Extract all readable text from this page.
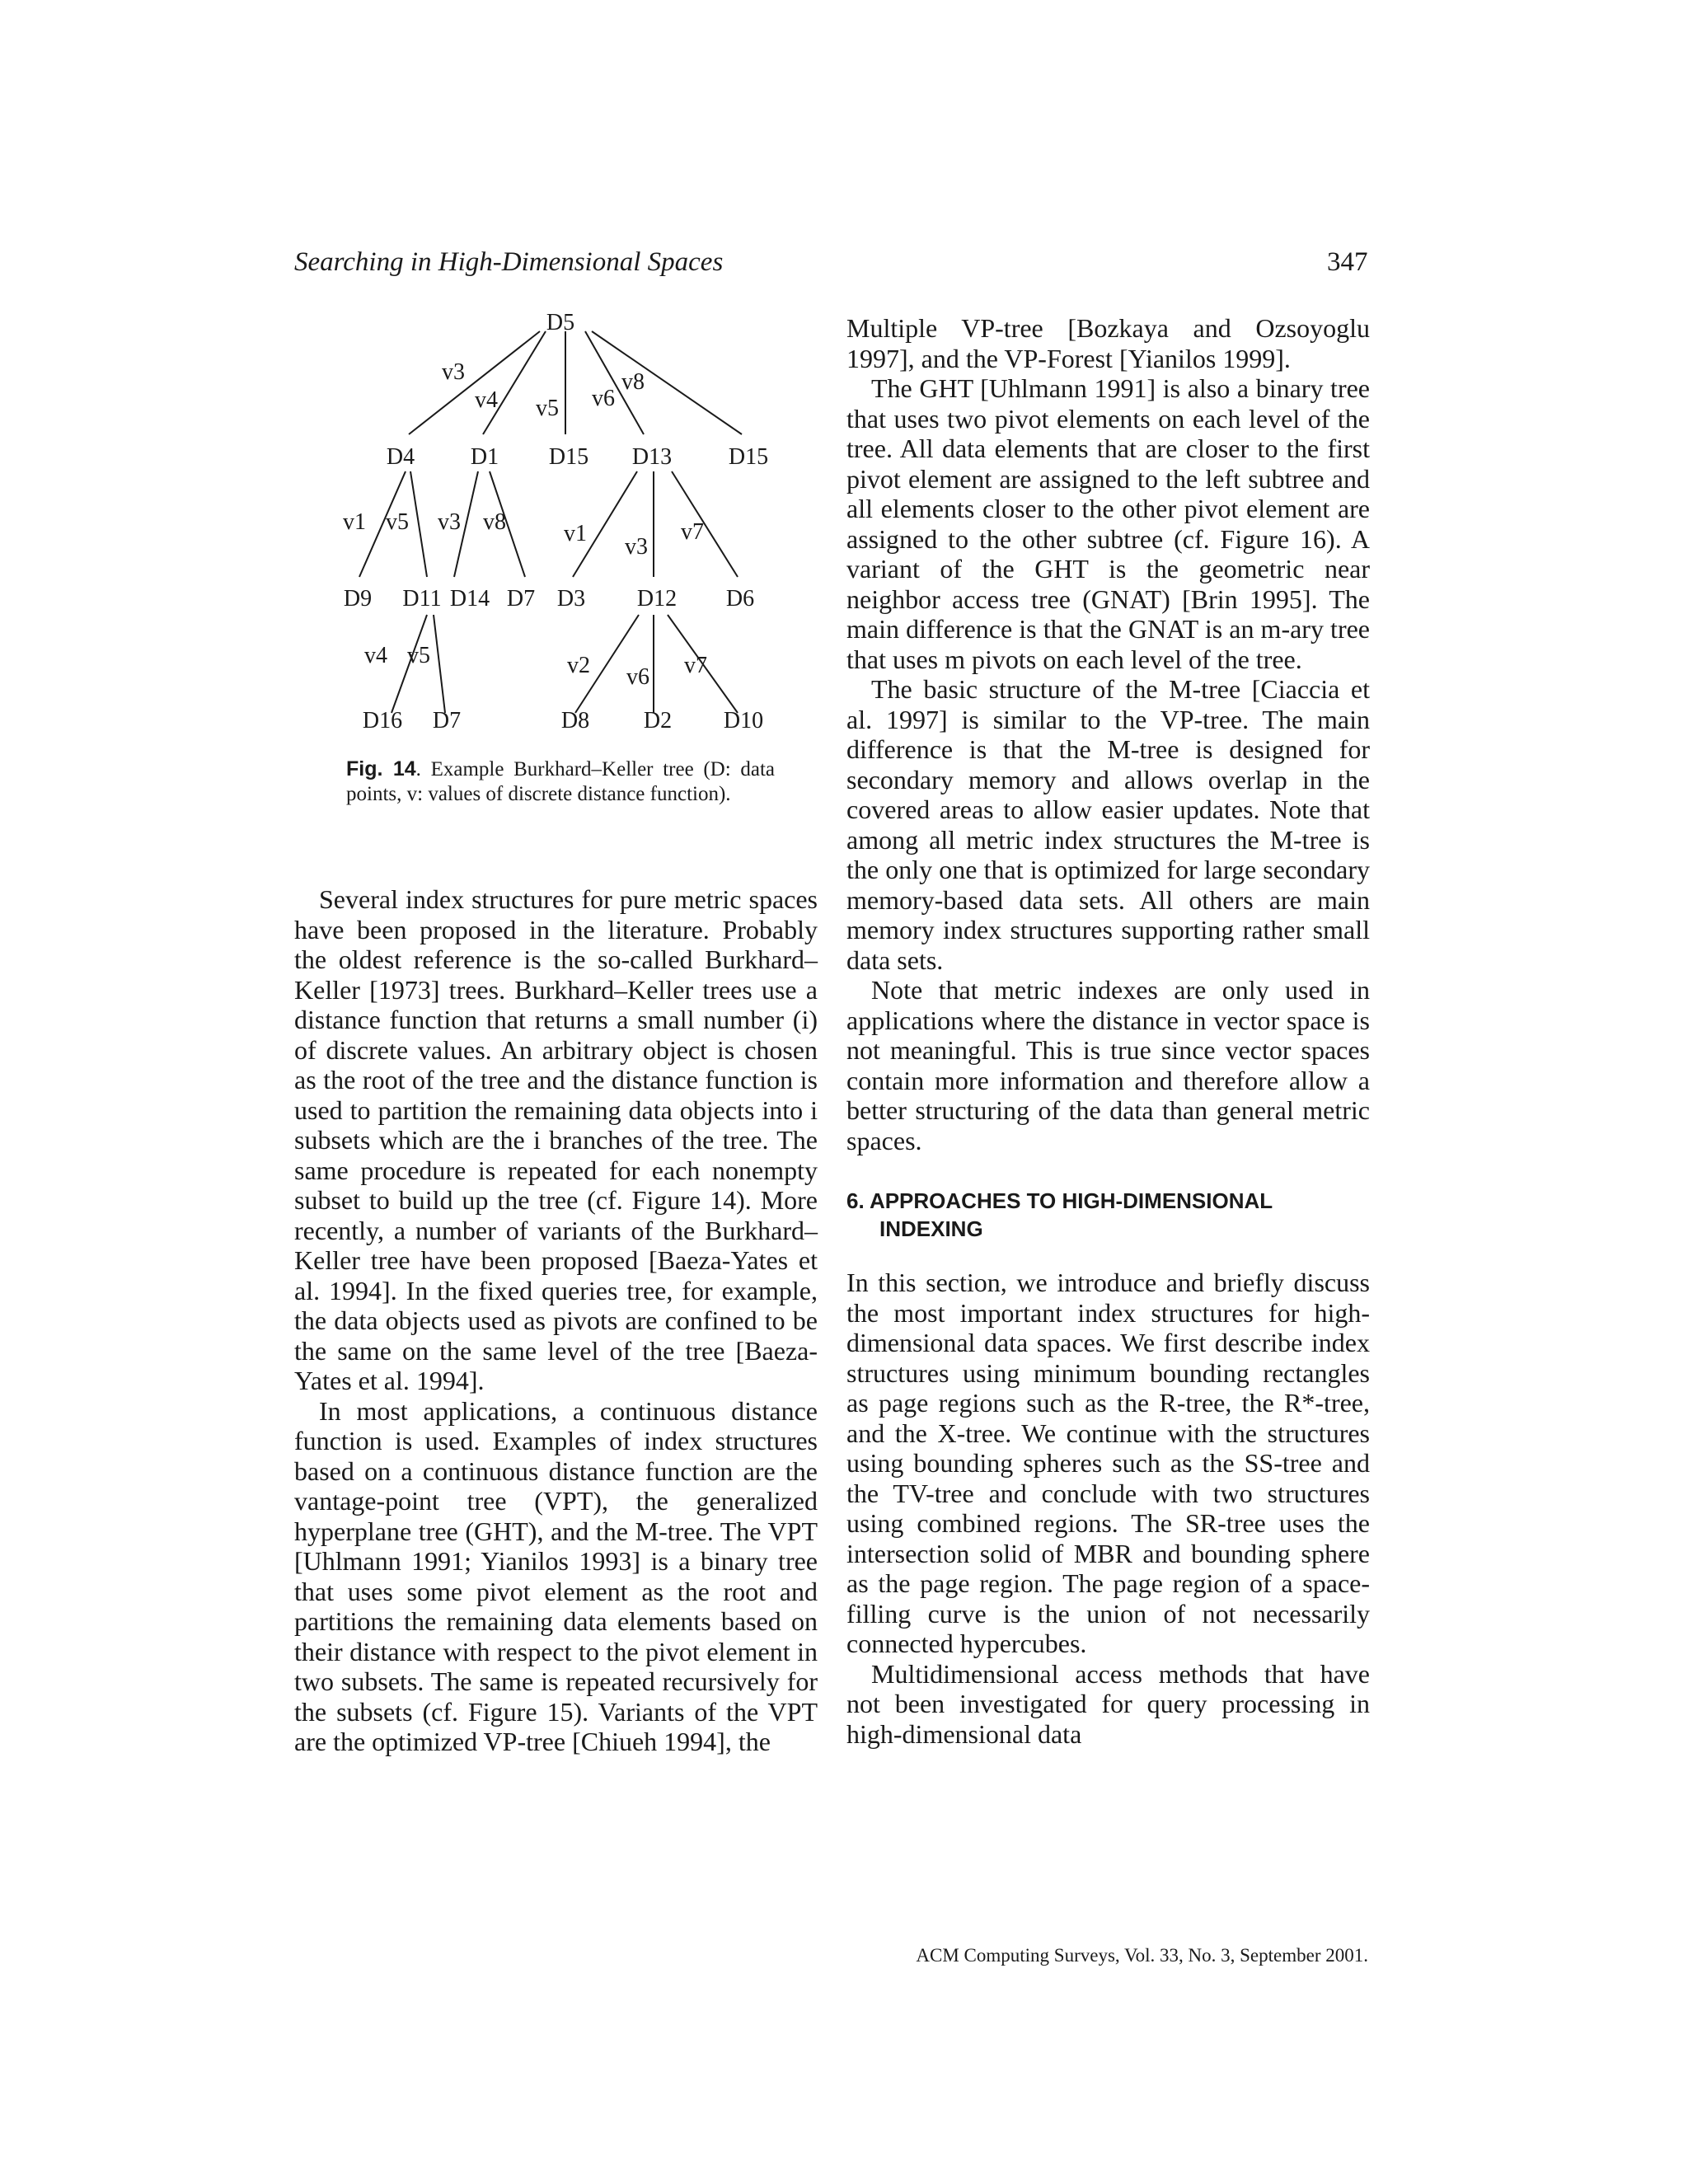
Searching in High-Dimensional Spaces	347
D5
D4 D1 D15 D13 D15
D9 D11 D14 D7 D3 D12 D6
D16 D7	D8 D2 D10
v3
v4 v5 v6
v8
v1 v5 v3 v8	v1
v3
v7
v4 v5	v2 v6 v7
Fig. 14. Example Burkhard–Keller tree (D: data points, v: values of discrete distance function).

Several index structures for pure metric spaces have been proposed in the literature. Probably the oldest reference is the so-called Burkhard–Keller [1973] trees. Burkhard–Keller trees use a distance function that returns a small number (i) of discrete values. An arbitrary object is chosen as the root of the tree and the distance function is used to partition the remaining data objects into i subsets which are the i branches of the tree. The same procedure is repeated for each nonempty subset to build up the tree (cf. Figure 14). More recently, a number of variants of the Burkhard–Keller tree have been proposed [Baeza-Yates et al. 1994]. In the fixed queries tree, for example, the data objects used as pivots are confined to be the same on the same level of the tree [Baeza-Yates et al. 1994].

In most applications, a continuous distance function is used. Examples of index structures based on a continuous distance function are the vantage-point tree (VPT), the generalized hyperplane tree (GHT), and the M-tree. The VPT [Uhlmann 1991; Yianilos 1993] is a binary tree that uses some pivot element as the root and partitions the remaining data elements based on their distance with respect to the pivot element in two subsets. The same is repeated recursively for the subsets (cf. Figure 15). Variants of the VPT are the optimized VP-tree [Chiueh 1994], the

Multiple VP-tree [Bozkaya and Ozsoyoglu 1997], and the VP-Forest [Yianilos 1999].

The GHT [Uhlmann 1991] is also a binary tree that uses two pivot elements on each level of the tree. All data elements that are closer to the first pivot element are assigned to the left subtree and all elements closer to the other pivot element are assigned to the other subtree (cf. Figure 16). A variant of the GHT is the geometric near neighbor access tree (GNAT) [Brin 1995]. The main difference is that the GNAT is an m-ary tree that uses m pivots on each level of the tree.

The basic structure of the M-tree [Ciaccia et al. 1997] is similar to the VP-tree. The main difference is that the M-tree is designed for secondary memory and allows overlap in the covered areas to allow easier updates. Note that among all metric index structures the M-tree is the only one that is optimized for large secondary memory-based data sets. All others are main memory index structures supporting rather small data sets.

Note that metric indexes are only used in applications where the distance in vector space is not meaningful. This is true since vector spaces contain more information and therefore allow a better structuring of the data than general metric spaces.

6. APPROACHES TO HIGH-DIMENSIONAL INDEXING

In this section, we introduce and briefly discuss the most important index structures for high-dimensional data spaces. We first describe index structures using minimum bounding rectangles as page regions such as the R-tree, the R*-tree, and the X-tree. We continue with the structures using bounding spheres such as the SS-tree and the TV-tree and conclude with two structures using combined regions. The SR-tree uses the intersection solid of MBR and bounding sphere as the page region. The page region of a space-filling curve is the union of not necessarily connected hypercubes.

Multidimensional access methods that have not been investigated for query processing in high-dimensional data

ACM Computing Surveys, Vol. 33, No. 3, September 2001.
